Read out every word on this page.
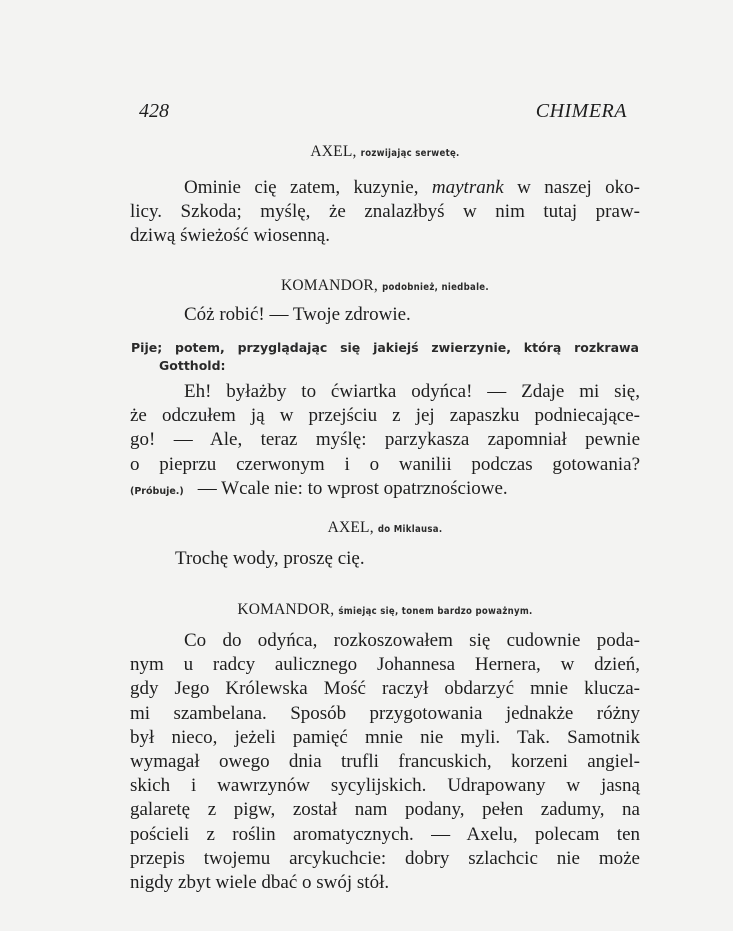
428	CHIMERA
AXEL, rozwijając serwetę.
Ominie cię zatem, kuzynie, maytrank w naszej oko-
licy. Szkoda; myślę, że znalazłbyś w nim tutaj praw-
dziwą świeżość wiosenną.
KOMANDOR, podobnież, niedbale.
Cóż robić! — Twoje zdrowie.
Pije; potem, przyglądając się jakiejś zwierzynie, którą rozkrawa
Gotthold:
Eh! byłażby to ćwiartka odyńca! — Zdaje mi się,
że odczułem ją w przejściu z jej zapaszku podniecające-
go! — Ale, teraz myślę: parzykasza zapomniał pewnie
o pieprzu czerwonym i o wanilii podczas gotowania?
(Próbuje.) — Wcale nie: to wprost opatrznościowe.
AXEL, do Miklausa.
Trochę wody, proszę cię.
KOMANDOR, śmiejąc się, tonem bardzo poważnym.
Co do odyńca, rozkoszowałem się cudownie poda-
nym u radcy aulicznego Johannesa Hernera, w dzień,
gdy Jego Królewska Mość raczył obdarzyć mnie klucza-
mi szambelana. Sposób przygotowania jednakże różny
był nieco, jeżeli pamięć mnie nie myli. Tak. Samotnik
wymagał owego dnia trufli francuskich, korzeni angiel-
skich i wawrzynów sycylijskich. Udrapowany w jasną
galaretę z pigw, został nam podany, pełen zadumy, na
pościeli z roślin aromatycznych. — Axelu, polecam ten
przepis twojemu arcykuchcie: dobry szlachcic nie może
nigdy zbyt wiele dbać o swój stół.
